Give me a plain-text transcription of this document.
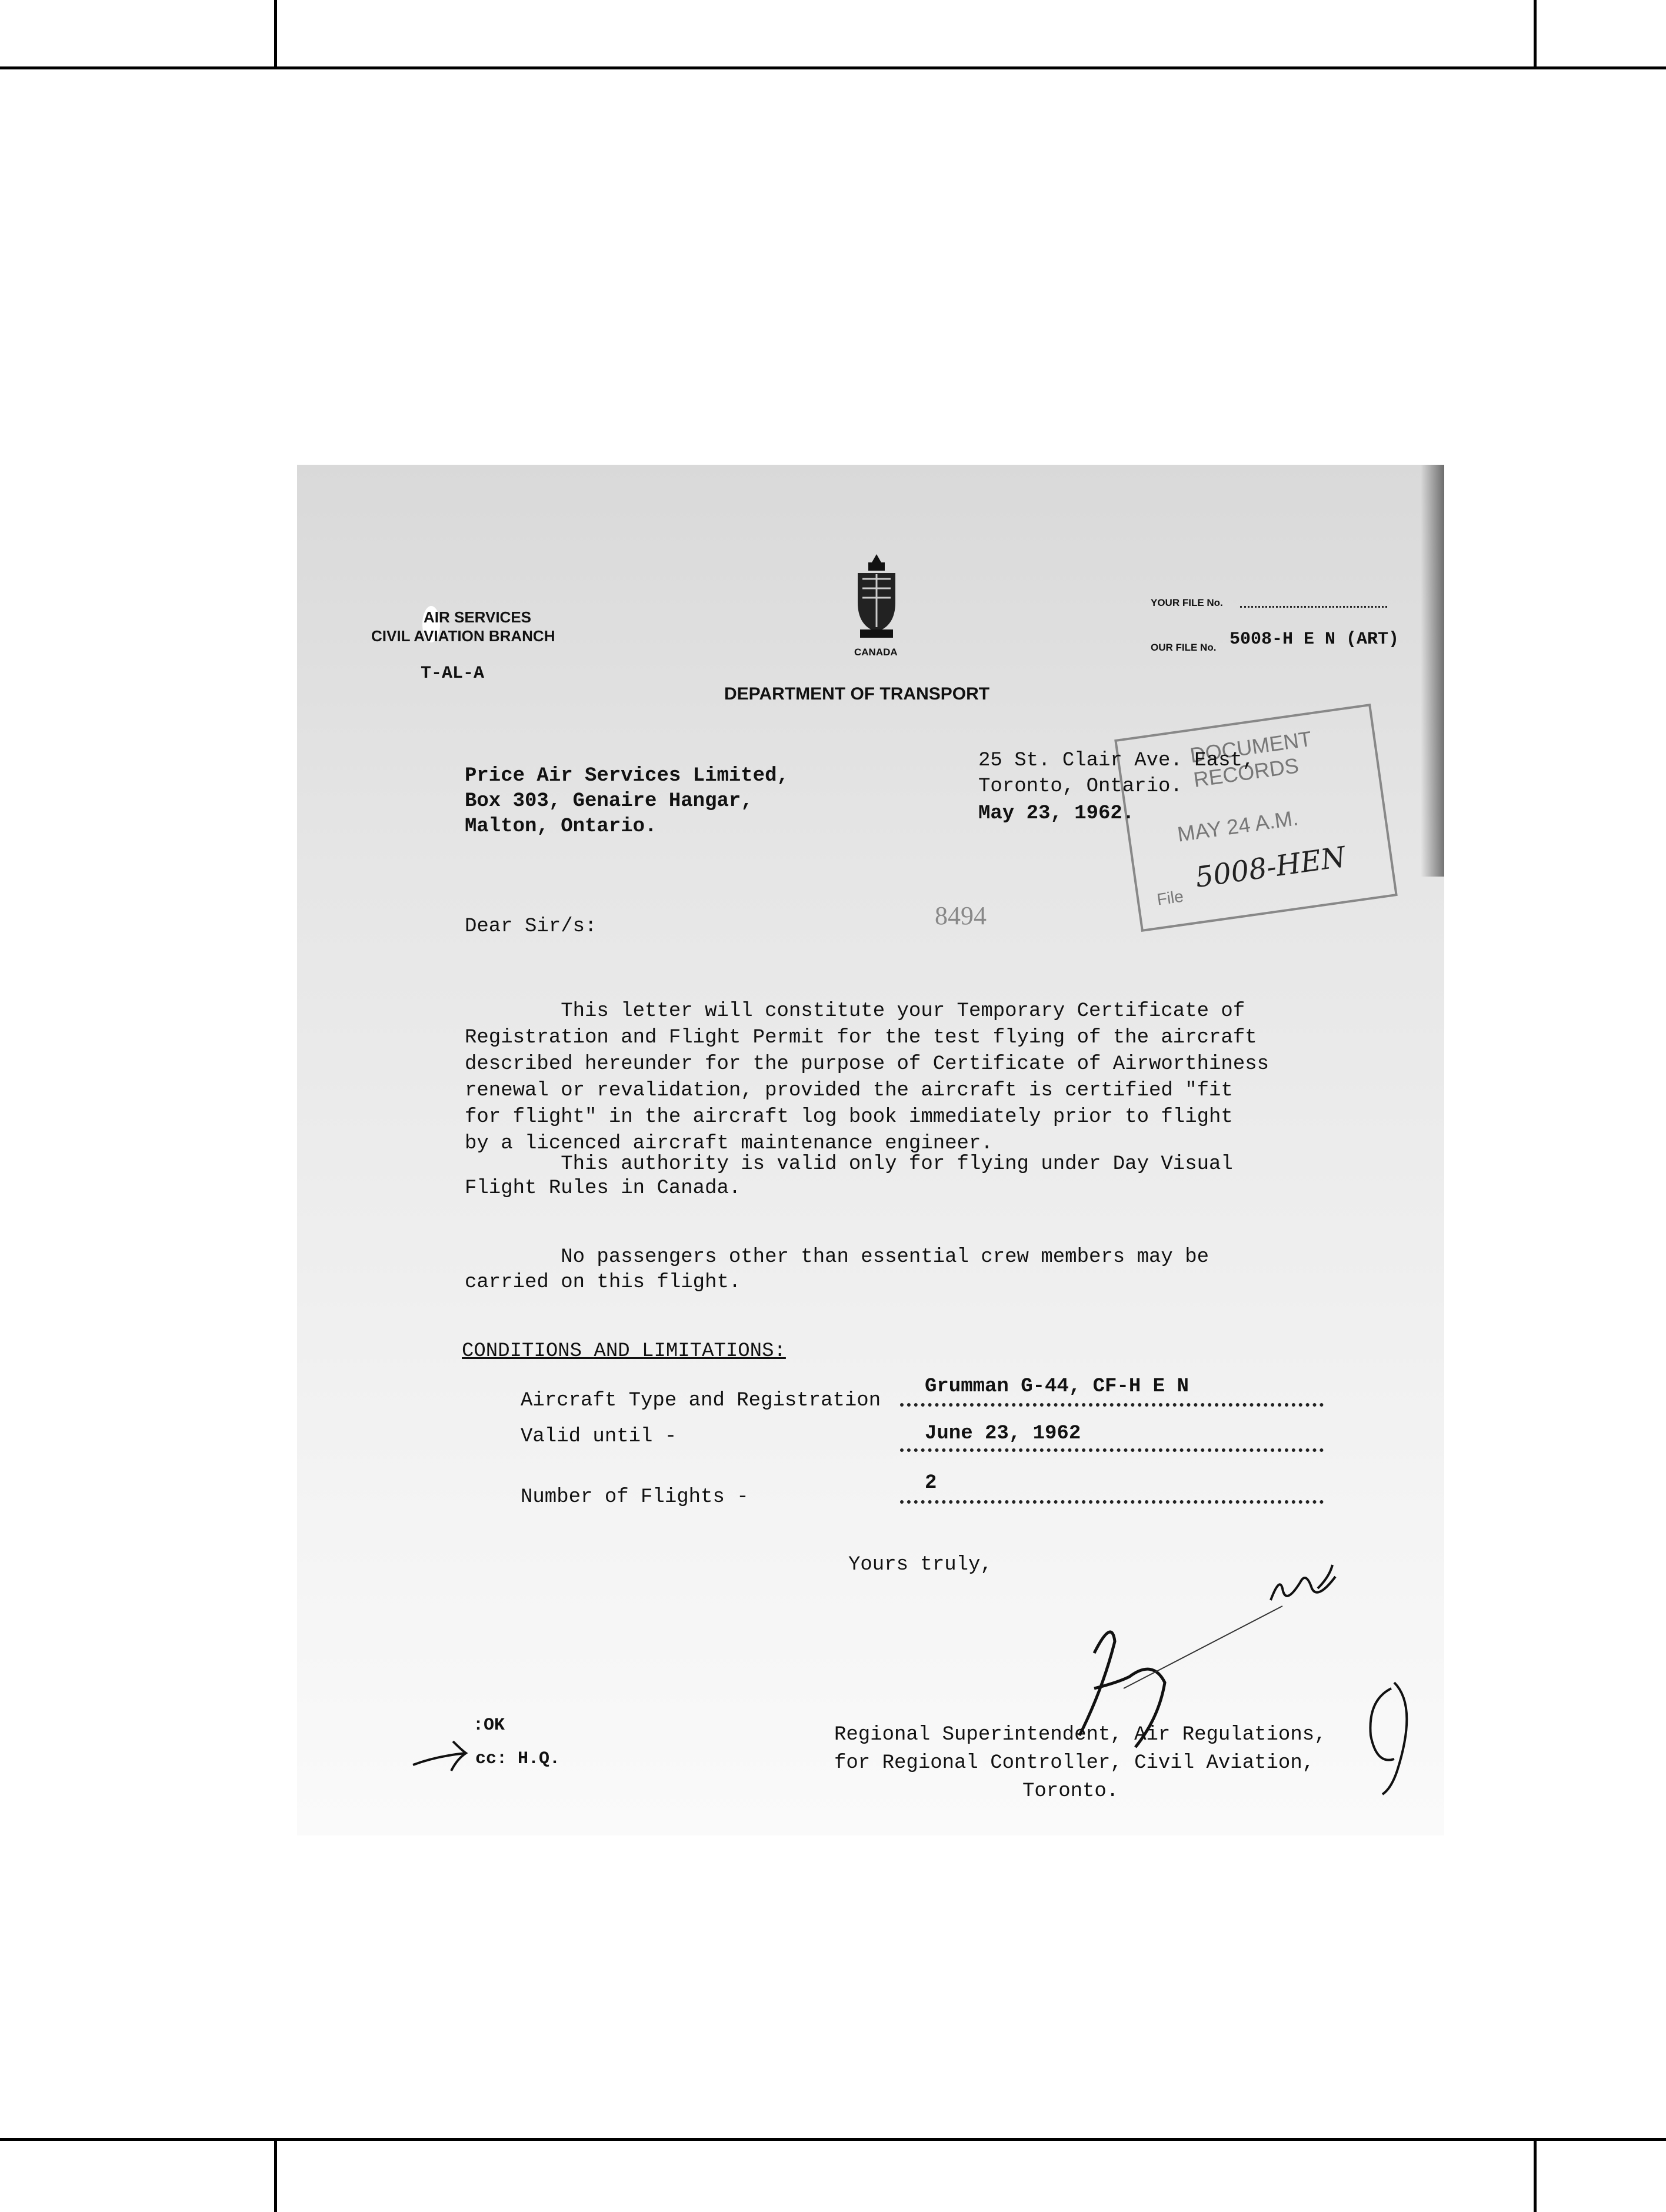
AIR SERVICES
CIVIL AVIATION BRANCH
T-AL-A
CANADA
YOUR FILE No.
OUR FILE No. 5008-H E N (ART)
DEPARTMENT OF TRANSPORT
25 St. Clair Ave. East,
Toronto, Ontario.
May 23, 1962.
Price Air Services Limited,
Box 303, Genaire Hangar,
Malton, Ontario.
DOCUMENT RECORDS
MAY 24 A.M.
File
5008-HEN
8494
Dear Sir/s:
This letter will constitute your Temporary Certificate of
Registration and Flight Permit for the test flying of the aircraft
described hereunder for the purpose of Certificate of Airworthiness
renewal or revalidation, provided the aircraft is certified "fit
for flight" in the aircraft log book immediately prior to flight
by a licenced aircraft maintenance engineer.
This authority is valid only for flying under Day Visual
Flight Rules in Canada.
No passengers other than essential crew members may be
carried on this flight.
CONDITIONS AND LIMITATIONS:
Aircraft Type and Registration
Grumman G-44, CF-H E N
Valid until -	June 23, 1962
Number of Flights -
2
Yours truly,
Regional Superintendent, Air Regulations,
for Regional Controller, Civil Aviation,
Toronto.
:OK
cc: H.Q.
